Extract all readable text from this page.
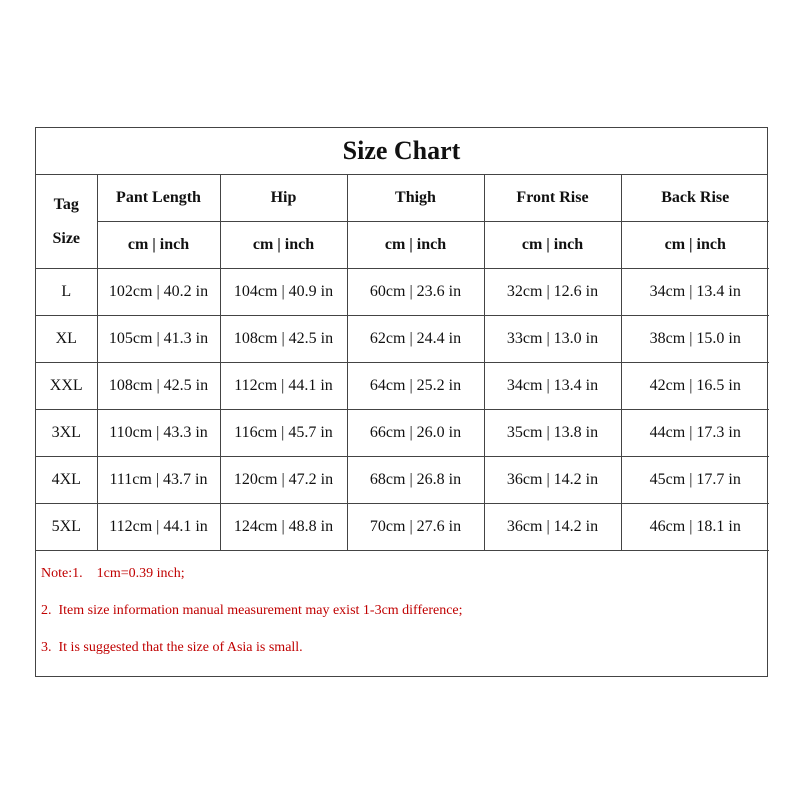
Size Chart
Tag
Size	Pant Length	Hip	Thigh	Front Rise	Back Rise
	cm | inch	cm | inch	cm | inch	cm | inch	cm | inch
L	102cm | 40.2 in	104cm | 40.9 in	60cm | 23.6 in	32cm | 12.6 in	34cm | 13.4 in
XL	105cm | 41.3 in	108cm | 42.5 in	62cm | 24.4 in	33cm | 13.0 in	38cm | 15.0 in
XXL	108cm | 42.5 in	112cm | 44.1 in	64cm | 25.2 in	34cm | 13.4 in	42cm | 16.5 in
3XL	110cm | 43.3 in	116cm | 45.7 in	66cm | 26.0 in	35cm | 13.8 in	44cm | 17.3 in
4XL	111cm | 43.7 in	120cm | 47.2 in	68cm | 26.8 in	36cm | 14.2 in	45cm | 17.7 in
5XL	112cm | 44.1 in	124cm | 48.8 in	70cm | 27.6 in	36cm | 14.2 in	46cm | 18.1 in
Note:1.    1cm=0.39 inch;
2.  Item size information manual measurement may exist 1-3cm difference;
3.  It is suggested that the size of Asia is small.
